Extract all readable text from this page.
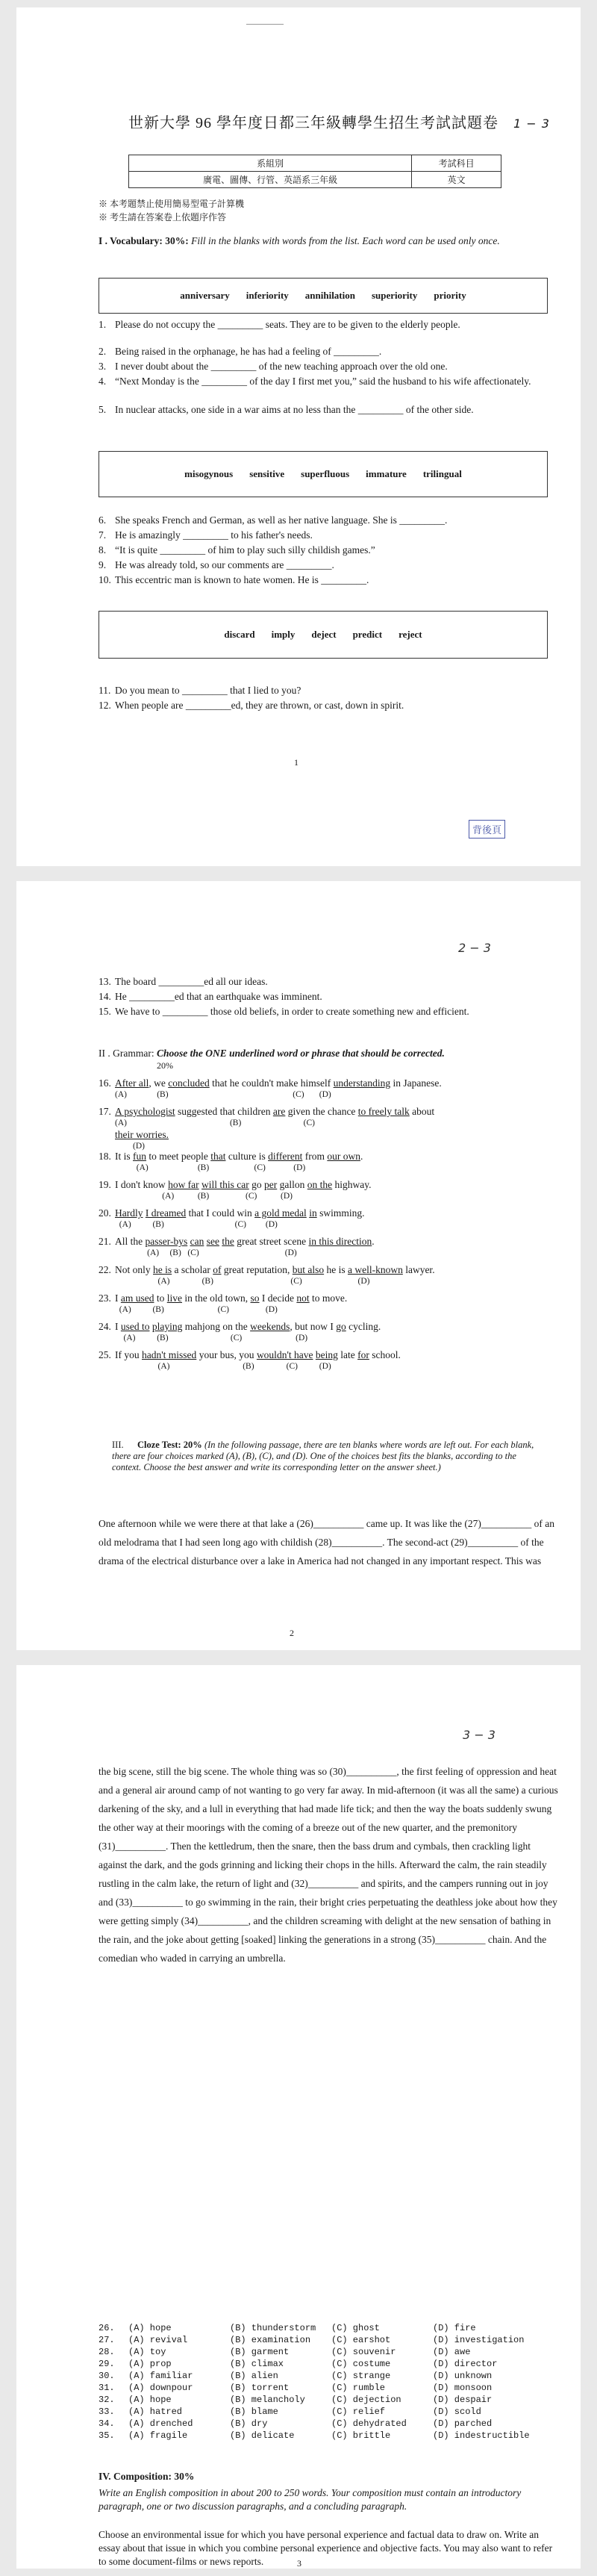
世新大學 96 學年度日都三年級轉學生招生考試試題卷 1 − 3
系組別	考試科目
廣電、圖傳、行管、英語系三年級	英文
※ 本考題禁止使用簡易型電子計算機
※ 考生請在答案卷上依題序作答
I . Vocabulary: 30%: Fill in the blanks with words from the list. Each word can be used only once.
anniversary inferiority annihilation superiority priority
1. Please do not occupy the _________ seats. They are to be given to the elderly people.
2. Being raised in the orphanage, he has had a feeling of _________.
3. I never doubt about the _________ of the new teaching approach over the old one.
4. “Next Monday is the _________ of the day I first met you,” said the husband to his wife affectionately.
5. In nuclear attacks, one side in a war aims at no less than the _________ of the other side.
misogynous sensitive superfluous immature trilingual
6. She speaks French and German, as well as her native language. She is _________.
7. He is amazingly _________ to his father's needs.
8. “It is quite _________ of him to play such silly childish games.”
9. He was already told, so our comments are _________.
10. This eccentric man is known to hate women. He is _________.
discard imply deject predict reject
11. Do you mean to _________ that I lied to you?
12. When people are _________ed, they are thrown, or cast, down in spirit.
1
背後頁
2 − 3
13. The board _________ed all our ideas.
14. He _________ed that an earthquake was imminent.
15. We have to _________ those old beliefs, in order to create something new and efficient.
II . Grammar: Choose the ONE underlined word or phrase that should be corrected.
20%
16. After all, we concluded that he couldn't make himself understanding in Japanese.
(A)              (B)                                                          (C)       (D)
17. A psychologist suggested that children are given the chance to freely talk about
(A)                                                (B)                             (C)
their worries.
(D)
18. It is fun to meet people that culture is different from our own.
(A)                       (B)                     (C)             (D)
19. I don't know how far will this car go per gallon on the highway.
(A)           (B)                 (C)           (D)
20. Hardly I dreamed that I could win a gold medal in swimming.
(A)          (B)                                 (C)         (D)
21. All the passer-bys can see the great street scene in this direction.
(A)     (B)   (C)                                        (D)
22. Not only he is a scholar of great reputation, but also he is a well-known lawyer.
(A)               (B)                                    (C)                          (D)
23. I am used to live in the old town, so I decide not to move.
(A)          (B)                         (C)                 (D)
24. I used to playing mahjong on the weekends, but now I go cycling.
(A)          (B)                             (C)                         (D)
25. If you hadn't missed your bus, you wouldn't have being late for school.
(A)                                  (B)               (C)          (D)
III. Cloze Test: 20% (In the following passage, there are ten blanks where words are left out. For each blank, there are four choices marked (A), (B), (C), and (D). One of the choices best fits the blanks, according to the context. Choose the best answer and write its corresponding letter on the answer sheet.)
One afternoon while we were there at that lake a (26)__________ came up. It was like the (27)__________ of an old melodrama that I had seen long ago with childish (28)__________. The second-act (29)__________ of the drama of the electrical disturbance over a lake in America had not changed in any important respect. This was
2
3 − 3
the big scene, still the big scene. The whole thing was so (30)__________, the first feeling of oppression and heat and a general air around camp of not wanting to go very far away. In mid-afternoon (it was all the same) a curious darkening of the sky, and a lull in everything that had made life tick; and then the way the boats suddenly swung the other way at their moorings with the coming of a breeze out of the new quarter, and the premonitory (31)__________. Then the kettledrum, then the snare, then the bass drum and cymbals, then crackling light against the dark, and the gods grinning and licking their chops in the hills. Afterward the calm, the rain steadily rustling in the calm lake, the return of light and (32)__________ and spirits, and the campers running out in joy and (33)__________ to go swimming in the rain, their bright cries perpetuating the deathless joke about how they were getting simply (34)__________, and the children screaming with delight at the new sensation of bathing in the rain, and the joke about getting [soaked] linking the generations in a strong (35)__________ chain. And the comedian who waded in carrying an umbrella.
26.	(A) hope	(B) thunderstorm	(C) ghost	(D) fire
27.	(A) revival	(B) examination	(C) earshot	(D) investigation
28.	(A) toy	(B) garment	(C) souvenir	(D) awe
29.	(A) prop	(B) climax	(C) costume	(D) director
30.	(A) familiar	(B) alien	(C) strange	(D) unknown
31.	(A) downpour	(B) torrent	(C) rumble	(D) monsoon
32.	(A) hope	(B) melancholy	(C) dejection	(D) despair
33.	(A) hatred	(B) blame	(C) relief	(D) scold
34.	(A) drenched	(B) dry	(C) dehydrated	(D) parched
35.	(A) fragile	(B) delicate	(C) brittle	(D) indestructible
IV. Composition: 30%
Write an English composition in about 200 to 250 words. Your composition must contain an introductory paragraph, one or two discussion paragraphs, and a concluding paragraph.
Choose an environmental issue for which you have personal experience and factual data to draw on. Write an essay about that issue in which you combine personal experience and objective facts. You may also want to refer to some document-films or news reports.	3
